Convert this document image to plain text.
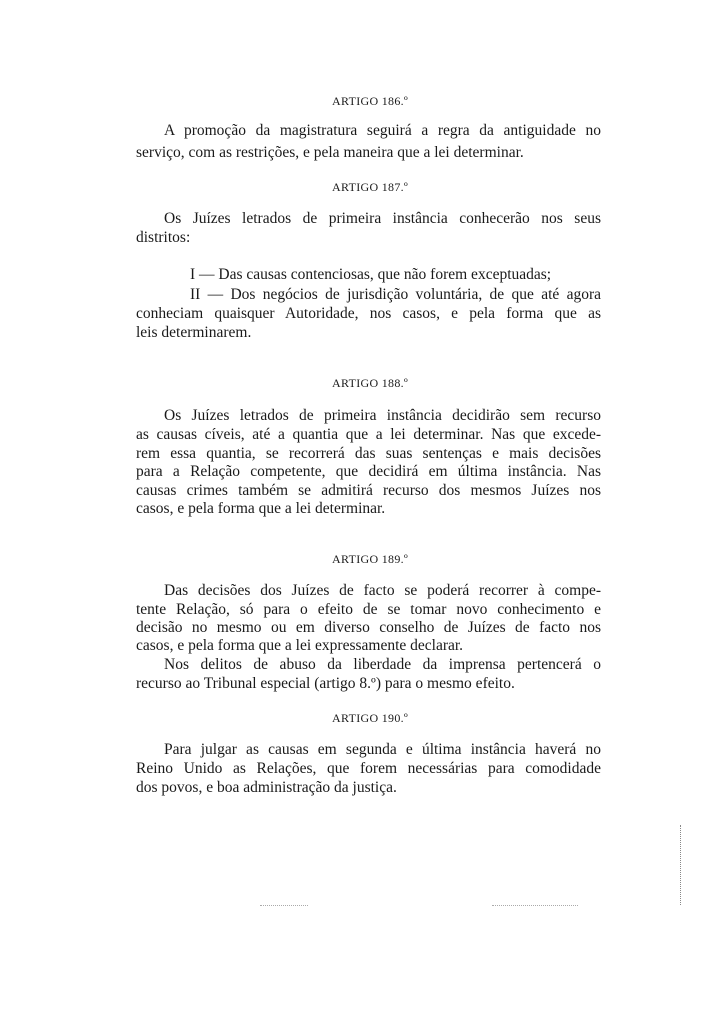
ARTIGO 186.º
A promoção da magistratura seguirá a regra da antiguidade no
serviço, com as restrições, e pela maneira que a lei determinar.
ARTIGO 187.º
Os Juízes letrados de primeira instância conhecerão nos seus
distritos:
I — Das causas contenciosas, que não forem exceptuadas;
II — Dos negócios de jurisdição voluntária, de que até agora
conheciam quaisquer Autoridade, nos casos, e pela forma que as
leis determinarem.
ARTIGO 188.º
Os Juízes letrados de primeira instância decidirão sem recurso
as causas cíveis, até a quantia que a lei determinar. Nas que excede-
rem essa quantia, se recorrerá das suas sentenças e mais decisões
para a Relação competente, que decidirá em última instância. Nas
causas crimes também se admitirá recurso dos mesmos Juízes nos
casos, e pela forma que a lei determinar.
ARTIGO 189.º
Das decisões dos Juízes de facto se poderá recorrer à compe-
tente Relação, só para o efeito de se tomar novo conhecimento e
decisão no mesmo ou em diverso conselho de Juízes de facto nos
casos, e pela forma que a lei expressamente declarar.
Nos delitos de abuso da liberdade da imprensa pertencerá o
recurso ao Tribunal especial (artigo 8.º) para o mesmo efeito.
ARTIGO 190.º
Para julgar as causas em segunda e última instância haverá no
Reino Unido as Relações, que forem necessárias para comodidade
dos povos, e boa administração da justiça.
